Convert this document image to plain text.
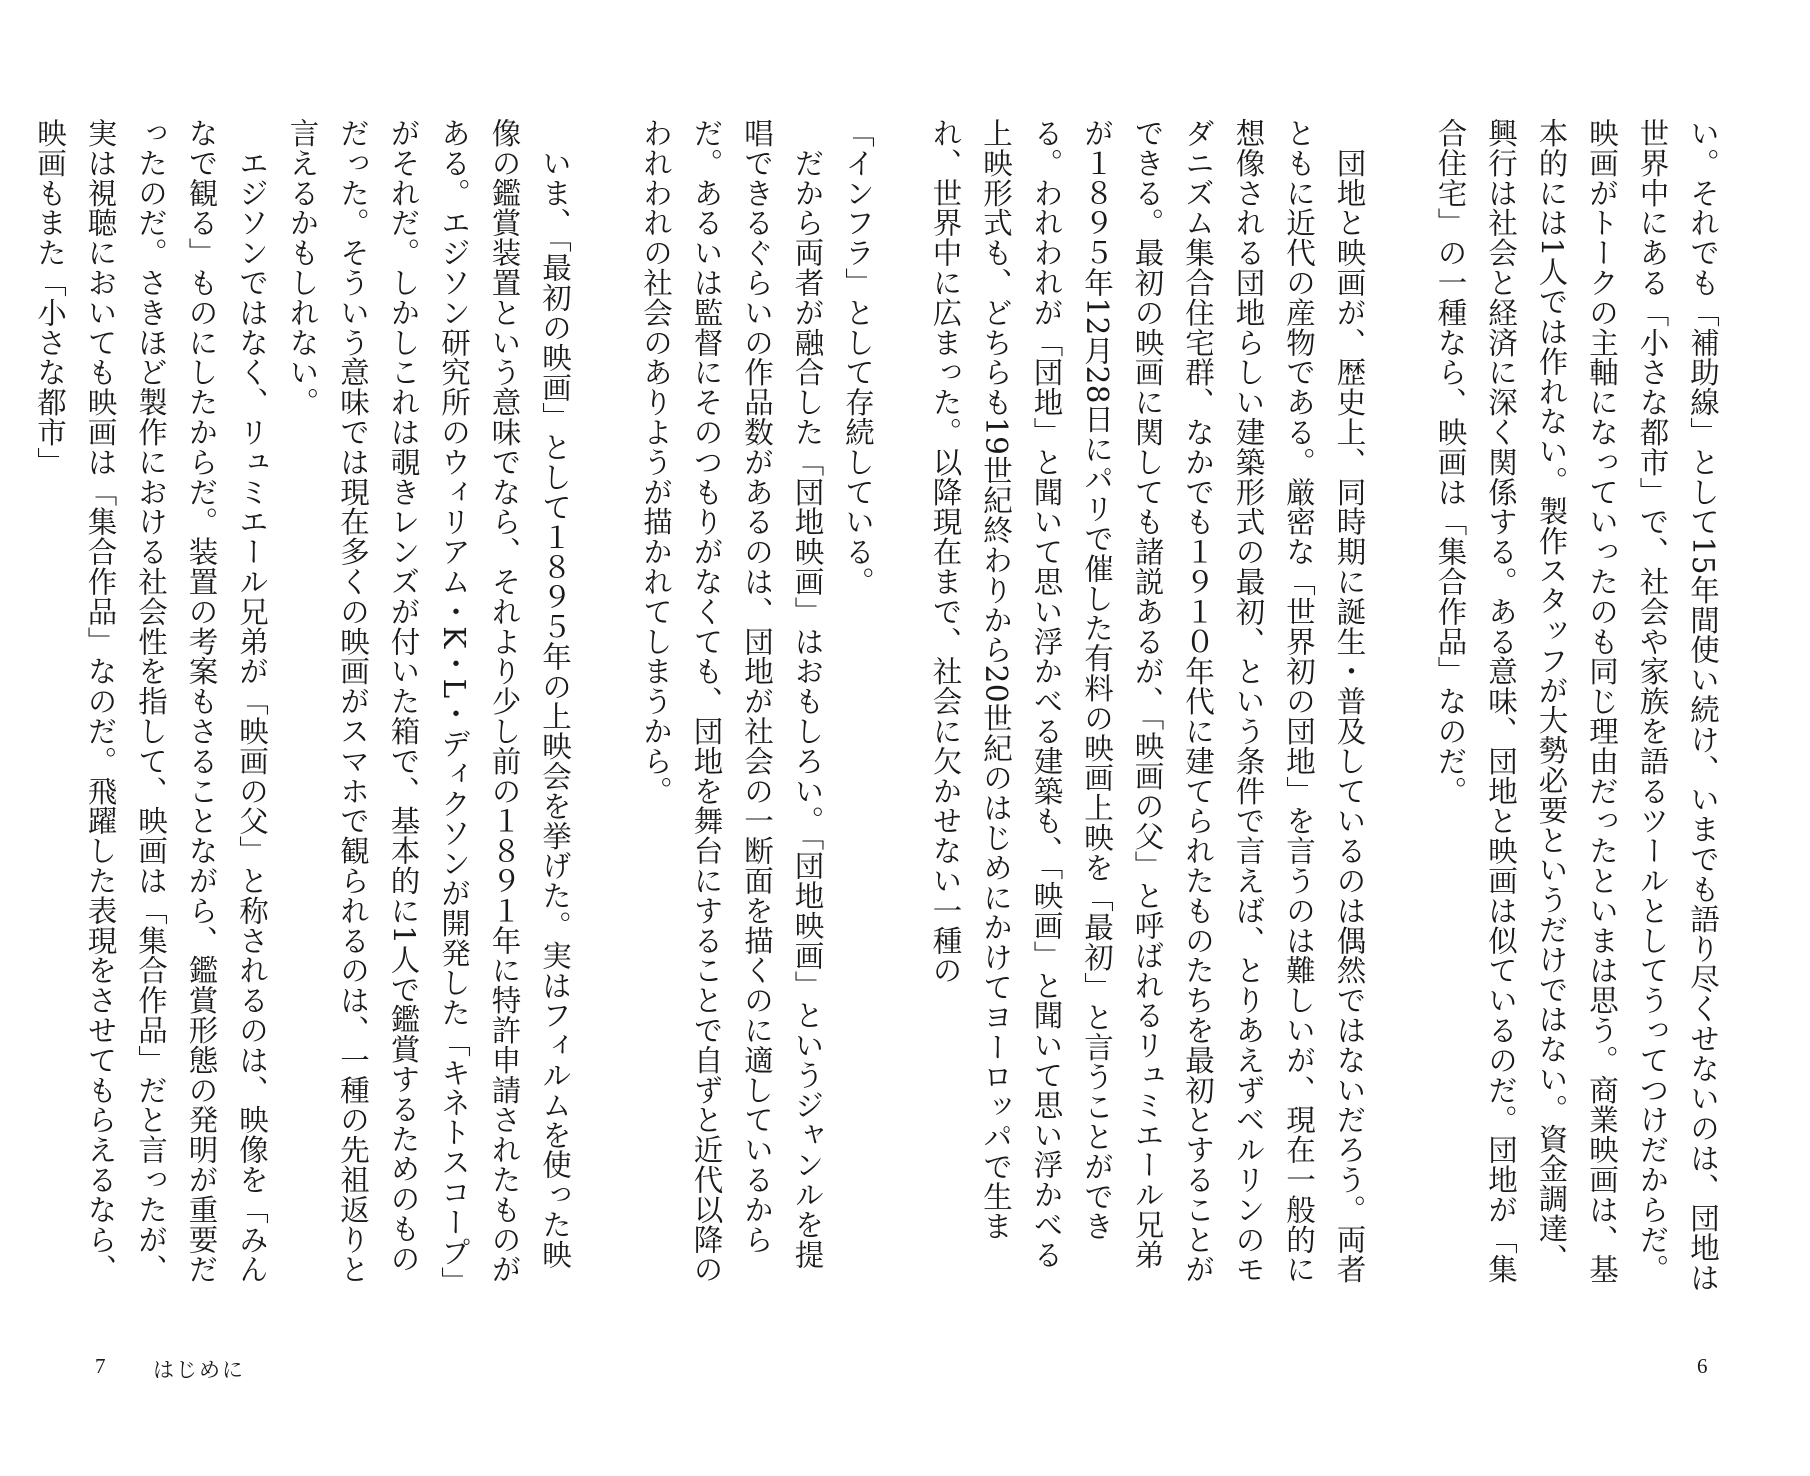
い。それでも「補助線」として15年間使い続け、いまでも語り尽くせないのは、団地は世界中にある「小さな都市」で、社会や家族を語るツールとしてうってつけだからだ。映画がトークの主軸になっていったのも同じ理由だったといまは思う。商業映画は、基本的には1人では作れない。製作スタッフが大勢必要というだけではない。資金調達、興行は社会と経済に深く関係する。ある意味、団地と映画は似ているのだ。団地が「集合住宅」の一種なら、映画は「集合作品」なのだ。

　団地と映画が、歴史上、同時期に誕生・普及しているのは偶然ではないだろう。両者ともに近代の産物である。厳密な「世界初の団地」を言うのは難しいが、現在一般的に想像される団地らしい建築形式の最初、という条件で言えば、とりあえずベルリンのモダニズム集合住宅群、なかでも１９１０年代に建てられたものたちを最初とすることができる。最初の映画に関しても諸説あるが、「映画の父」と呼ばれるリュミエール兄弟が１８９５年12月28日にパリで催した有料の映画上映を「最初」と言うことができる。われわれが「団地」と聞いて思い浮かべる建築も、「映画」と聞いて思い浮かべる上映形式も、どちらも19世紀終わりから20世紀のはじめにかけてヨーロッパで生まれ、世界中に広まった。以降現在まで、社会に欠かせない一種の

6

「インフラ」として存続している。

　だから両者が融合した「団地映画」はおもしろい。「団地映画」というジャンルを提唱できるぐらいの作品数があるのは、団地が社会の一断面を描くのに適しているからだ。あるいは監督にそのつもりがなくても、団地を舞台にすることで自ずと近代以降のわれわれの社会のありようが描かれてしまうから。

　いま、「最初の映画」として１８９５年の上映会を挙げた。実はフィルムを使った映像の鑑賞装置という意味でなら、それより少し前の１８９１年に特許申請されたものがある。エジソン研究所のウィリアム・K・L・ディクソンが開発した「キネトスコープ」がそれだ。しかしこれは覗きレンズが付いた箱で、基本的に1人で鑑賞するためのものだった。そういう意味では現在多くの映画がスマホで観られるのは、一種の先祖返りと言えるかもしれない。

　エジソンではなく、リュミエール兄弟が「映画の父」と称されるのは、映像を「みんなで観る」ものにしたからだ。装置の考案もさることながら、鑑賞形態の発明が重要だったのだ。さきほど製作における社会性を指して、映画は「集合作品」だと言ったが、実は視聴においても映画は「集合作品」なのだ。飛躍した表現をさせてもらえるなら、映画もまた「小さな都市」

7 はじめに
